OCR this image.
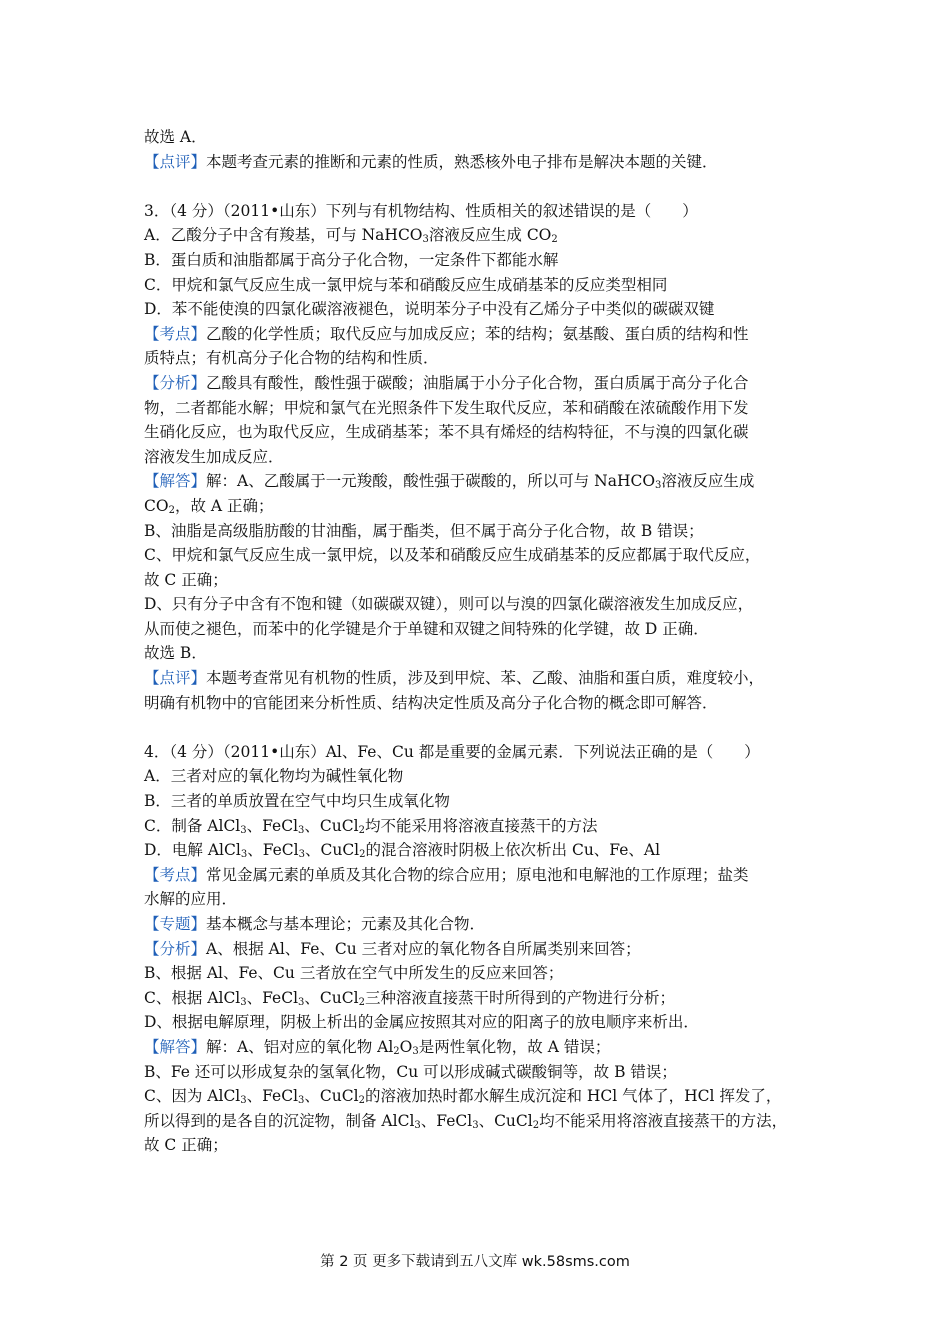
故选 A．
【点评】本题考查元素的推断和元素的性质，熟悉核外电子排布是解决本题的关键．
3．（4 分）（2011•山东）下列与有机物结构、性质相关的叙述错误的是（　　）
A．乙酸分子中含有羧基，可与 NaHCO$_3$溶液反应生成 $CO_2$
B．蛋白质和油脂都属于高分子化合物，一定条件下都能水解
C．甲烷和氯气反应生成一氯甲烷与苯和硝酸反应生成硝基苯的反应类型相同
D．苯不能使溴的四氯化碳溶液褪色，说明苯分子中没有乙烯分子中类似的碳碳双键
【考点】乙酸的化学性质；取代反应与加成反应；苯的结构；氨基酸、蛋白质的结构和性
质特点；有机高分子化合物的结构和性质．
【分析】乙酸具有酸性，酸性强于碳酸；油脂属于小分子化合物，蛋白质属于高分子化合
物，二者都能水解；甲烷和氯气在光照条件下发生取代反应，苯和硝酸在浓硫酸作用下发
生硝化反应，也为取代反应，生成硝基苯；苯不具有烯烃的结构特征，不与溴的四氯化碳
溶液发生加成反应．
【解答】解：A、乙酸属于一元羧酸，酸性强于碳酸的，所以可与 NaHCO$_3$溶液反应生成
$CO_2$，故 A 正确；
B、油脂是高级脂肪酸的甘油酯，属于酯类，但不属于高分子化合物，故 B 错误；
C、甲烷和氯气反应生成一氯甲烷，以及苯和硝酸反应生成硝基苯的反应都属于取代反应，
故 C 正确；
D、只有分子中含有不饱和键（如碳碳双键），则可以与溴的四氯化碳溶液发生加成反应，
从而使之褪色，而苯中的化学键是介于单键和双键之间特殊的化学键，故 D 正确．
故选 B．
【点评】本题考查常见有机物的性质，涉及到甲烷、苯、乙酸、油脂和蛋白质，难度较小，
明确有机物中的官能团来分析性质、结构决定性质及高分子化合物的概念即可解答．
4．（4 分）（2011•山东）Al、Fe、Cu 都是重要的金属元素．下列说法正确的是（　　）
A．三者对应的氧化物均为碱性氧化物
B．三者的单质放置在空气中均只生成氧化物
C．制备 AlCl$_3$、FeCl$_3$、CuCl$_2$均不能采用将溶液直接蒸干的方法
D．电解 AlCl$_3$、FeCl$_3$、CuCl$_2$的混合溶液时阴极上依次析出 Cu、Fe、Al
【考点】常见金属元素的单质及其化合物的综合应用；原电池和电解池的工作原理；盐类
水解的应用．
【专题】基本概念与基本理论；元素及其化合物．
【分析】A、根据 Al、Fe、Cu 三者对应的氧化物各自所属类别来回答；
B、根据 Al、Fe、Cu 三者放在空气中所发生的反应来回答；
C、根据 AlCl$_3$、FeCl$_3$、CuCl$_2$三种溶液直接蒸干时所得到的产物进行分析；
D、根据电解原理，阴极上析出的金属应按照其对应的阳离子的放电顺序来析出．
【解答】解：A、铝对应的氧化物 $Al_2O_3$是两性氧化物，故 A 错误；
B、Fe 还可以形成复杂的氢氧化物，Cu 可以形成碱式碳酸铜等，故 B 错误；
C、因为 AlCl$_3$、FeCl$_3$、CuCl$_2$的溶液加热时都水解生成沉淀和 HCl 气体了，HCl 挥发了，
所以得到的是各自的沉淀物，制备 AlCl$_3$、FeCl$_3$、CuCl$_2$均不能采用将溶液直接蒸干的方法，
故 C 正确；
第 2 页 更多下载请到五八文库 wk.58sms.com
